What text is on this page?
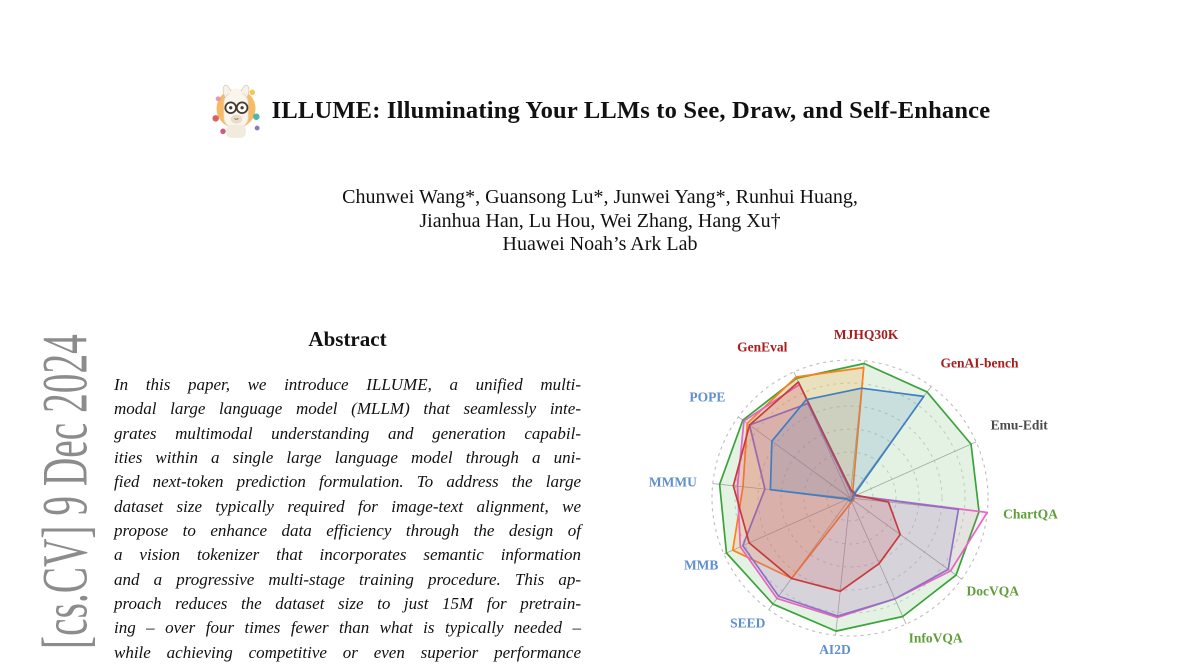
[cs.CV] 9 Dec 2024
ILLUME: Illuminating Your LLMs to See, Draw, and Self-Enhance
Chunwei Wang*, Guansong Lu*, Junwei Yang*, Runhui Huang,
Jianhua Han, Lu Hou, Wei Zhang, Hang Xu†
Huawei Noah’s Ark Lab
Abstract
In this paper, we introduce ILLUME, a unified multi-
modal large language model (MLLM) that seamlessly inte-
grates multimodal understanding and generation capabil-
ities within a single large language model through a uni-
fied next-token prediction formulation. To address the large
dataset size typically required for image-text alignment, we
propose to enhance data efficiency through the design of
a vision tokenizer that incorporates semantic information
and a progressive multi-stage training procedure. This ap-
proach reduces the dataset size to just 15M for pretrain-
ing – over four times fewer than what is typically needed –
while achieving competitive or even superior performance
MJHQ30K
GenAI-bench
Emu-Edit
ChartQA
DocVQA
InfoVQA
AI2D
SEED
MMB
MMMU
POPE
GenEval
